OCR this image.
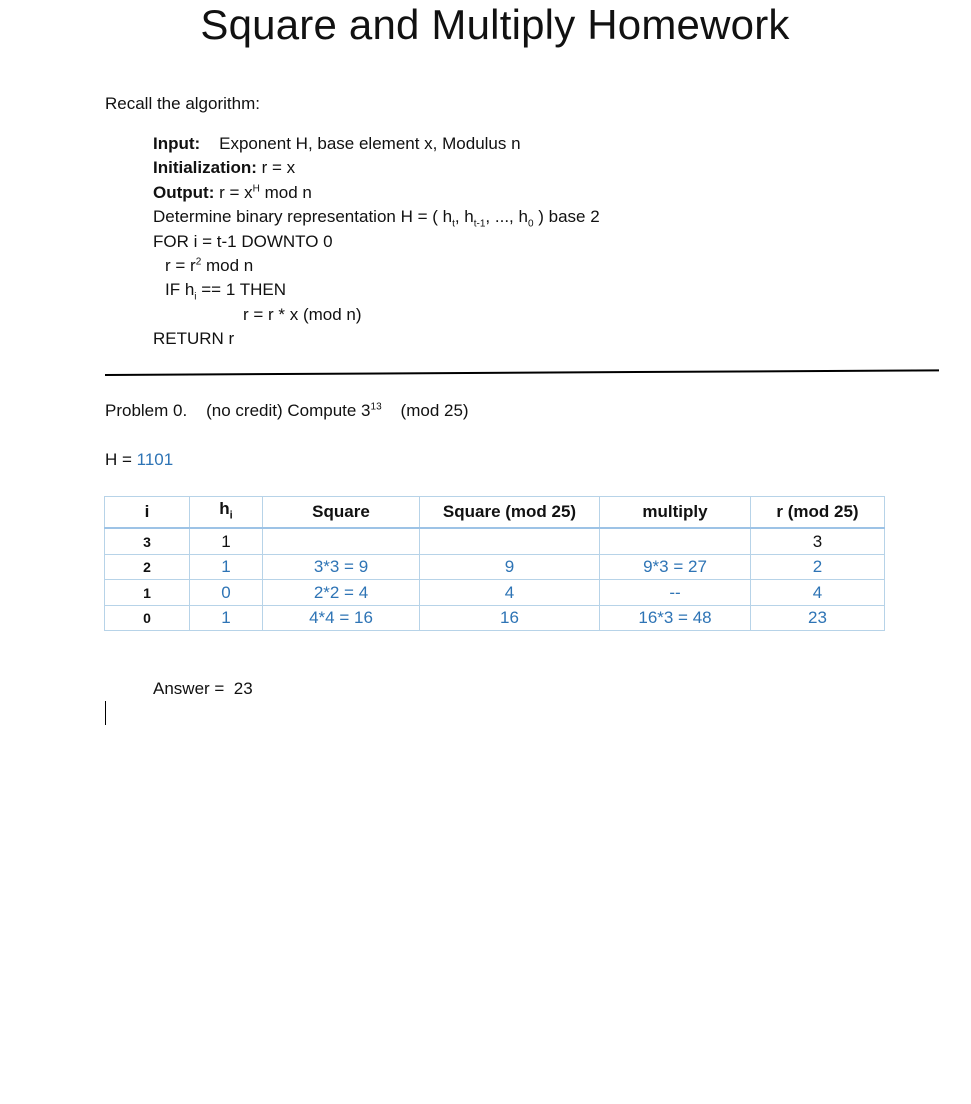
Square and Multiply Homework
Recall the algorithm:
Input: Exponent H, base element x, Modulus n
Initialization: r = x
Output: $r = x^H$ mod n
Determine binary representation H = ( $h_t$, $h_{t-1}$, ..., $h_0$ ) base 2
FOR i = t-1 DOWNTO 0
$r = r^2$ mod n
IF $h_i == 1$ THEN
r = r * x (mod n)
RETURN r
Problem 0. (no credit) Compute $3^{13}$ (mod 25)
H = 1101
i	$h_i$	Square	Square (mod 25)	multiply	r (mod 25)
3	1				3
2	1	3*3 = 9	9	9*3 = 27	2
1	0	2*2 = 4	4	--	4
0	1	4*4 = 16	16	16*3 = 48	23
Answer =  23
